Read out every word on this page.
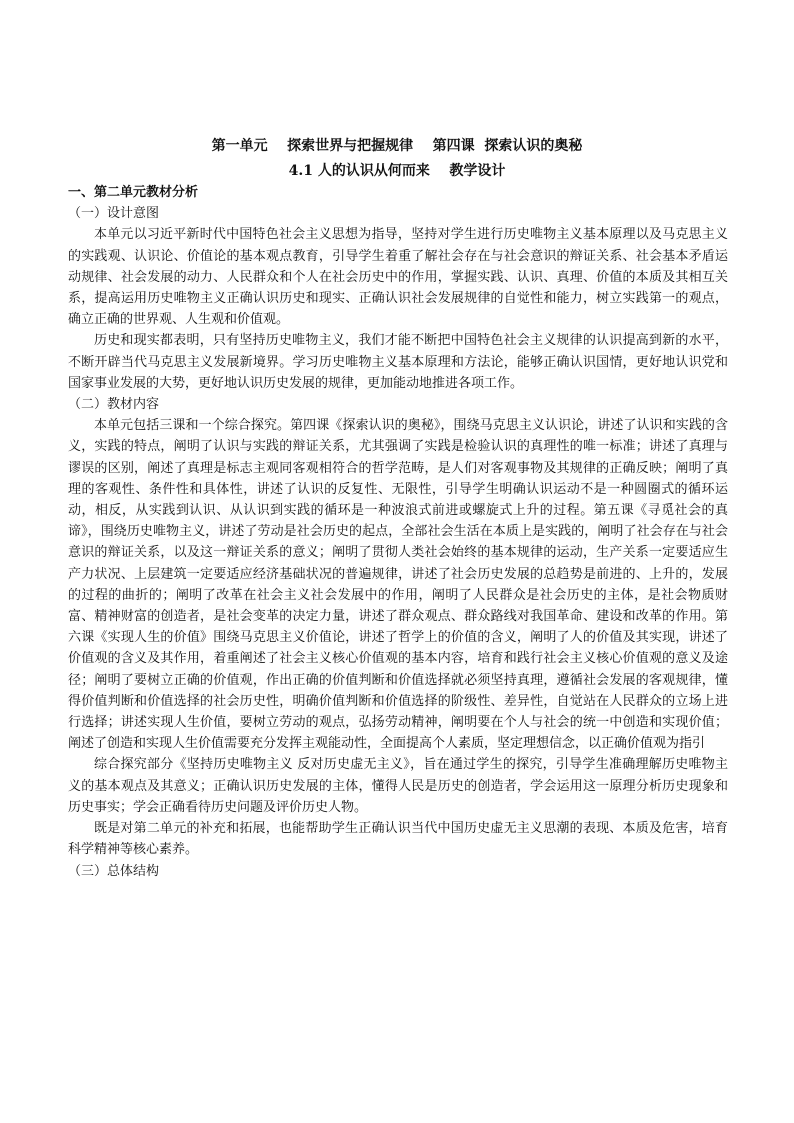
第一单元    探索世界与把握规律    第四课  探索认识的奥秘
4.1 人的认识从何而来    教学设计

一、第二单元教材分析

（一）设计意图

本单元以习近平新时代中国特色社会主义思想为指导，坚持对学生进行历史唯物主义基本原理以及马克思主义的实践观、认识论、价值论的基本观点教育，引导学生着重了解社会存在与社会意识的辩证关系、社会基本矛盾运动规律、社会发展的动力、人民群众和个人在社会历史中的作用，掌握实践、认识、真理、价值的本质及其相互关系，提高运用历史唯物主义正确认识历史和现实、正确认识社会发展规律的自觉性和能力，树立实践第一的观点，确立正确的世界观、人生观和价值观。

历史和现实都表明，只有坚持历史唯物主义，我们才能不断把中国特色社会主义规律的认识提高到新的水平，不断开辟当代马克思主义发展新境界。学习历史唯物主义基本原理和方法论，能够正确认识国情，更好地认识党和国家事业发展的大势，更好地认识历史发展的规律，更加能动地推进各项工作。

（二）教材内容

本单元包括三课和一个综合探究。第四课《探索认识的奥秘》，围绕马克思主义认识论，讲述了认识和实践的含义，实践的特点，阐明了认识与实践的辩证关系，尤其强调了实践是检验认识的真理性的唯一标准；讲述了真理与谬误的区别，阐述了真理是标志主观同客观相符合的哲学范畴，是人们对客观事物及其规律的正确反映；阐明了真理的客观性、条件性和具体性，讲述了认识的反复性、无限性，引导学生明确认识运动不是一种圆圈式的循环运动，相反，从实践到认识、从认识到实践的循环是一种波浪式前进或螺旋式上升的过程。第五课《寻觅社会的真谛》，围绕历史唯物主义，讲述了劳动是社会历史的起点，全部社会生活在本质上是实践的，阐明了社会存在与社会意识的辩证关系，以及这一辩证关系的意义；阐明了贯彻人类社会始终的基本规律的运动，生产关系一定要适应生产力状况、上层建筑一定要适应经济基础状况的普遍规律，讲述了社会历史发展的总趋势是前进的、上升的，发展的过程的曲折的；阐明了改革在社会主义社会发展中的作用，阐明了人民群众是社会历史的主体，是社会物质财富、精神财富的创造者，是社会变革的决定力量，讲述了群众观点、群众路线对我国革命、建设和改革的作用。第六课《实现人生的价值》围绕马克思主义价值论，讲述了哲学上的价值的含义，阐明了人的价值及其实现，讲述了价值观的含义及其作用，着重阐述了社会主义核心价值观的基本内容，培育和践行社会主义核心价值观的意义及途径；阐明了要树立正确的价值观，作出正确的价值判断和价值选择就必须坚持真理，遵循社会发展的客观规律，懂得价值判断和价值选择的社会历史性，明确价值判断和价值选择的阶级性、差异性，自觉站在人民群众的立场上进行选择；讲述实现人生价值，要树立劳动的观点，弘扬劳动精神，阐明要在个人与社会的统一中创造和实现价值；阐述了创造和实现人生价值需要充分发挥主观能动性，全面提高个人素质，坚定理想信念，以正确价值观为指引

综合探究部分《坚持历史唯物主义 反对历史虚无主义》，旨在通过学生的探究，引导学生准确理解历史唯物主义的基本观点及其意义；正确认识历史发展的主体，懂得人民是历史的创造者，学会运用这一原理分析历史现象和历史事实；学会正确看待历史问题及评价历史人物。

既是对第二单元的补充和拓展，也能帮助学生正确认识当代中国历史虚无主义思潮的表现、本质及危害，培育科学精神等核心素养。

（三）总体结构
